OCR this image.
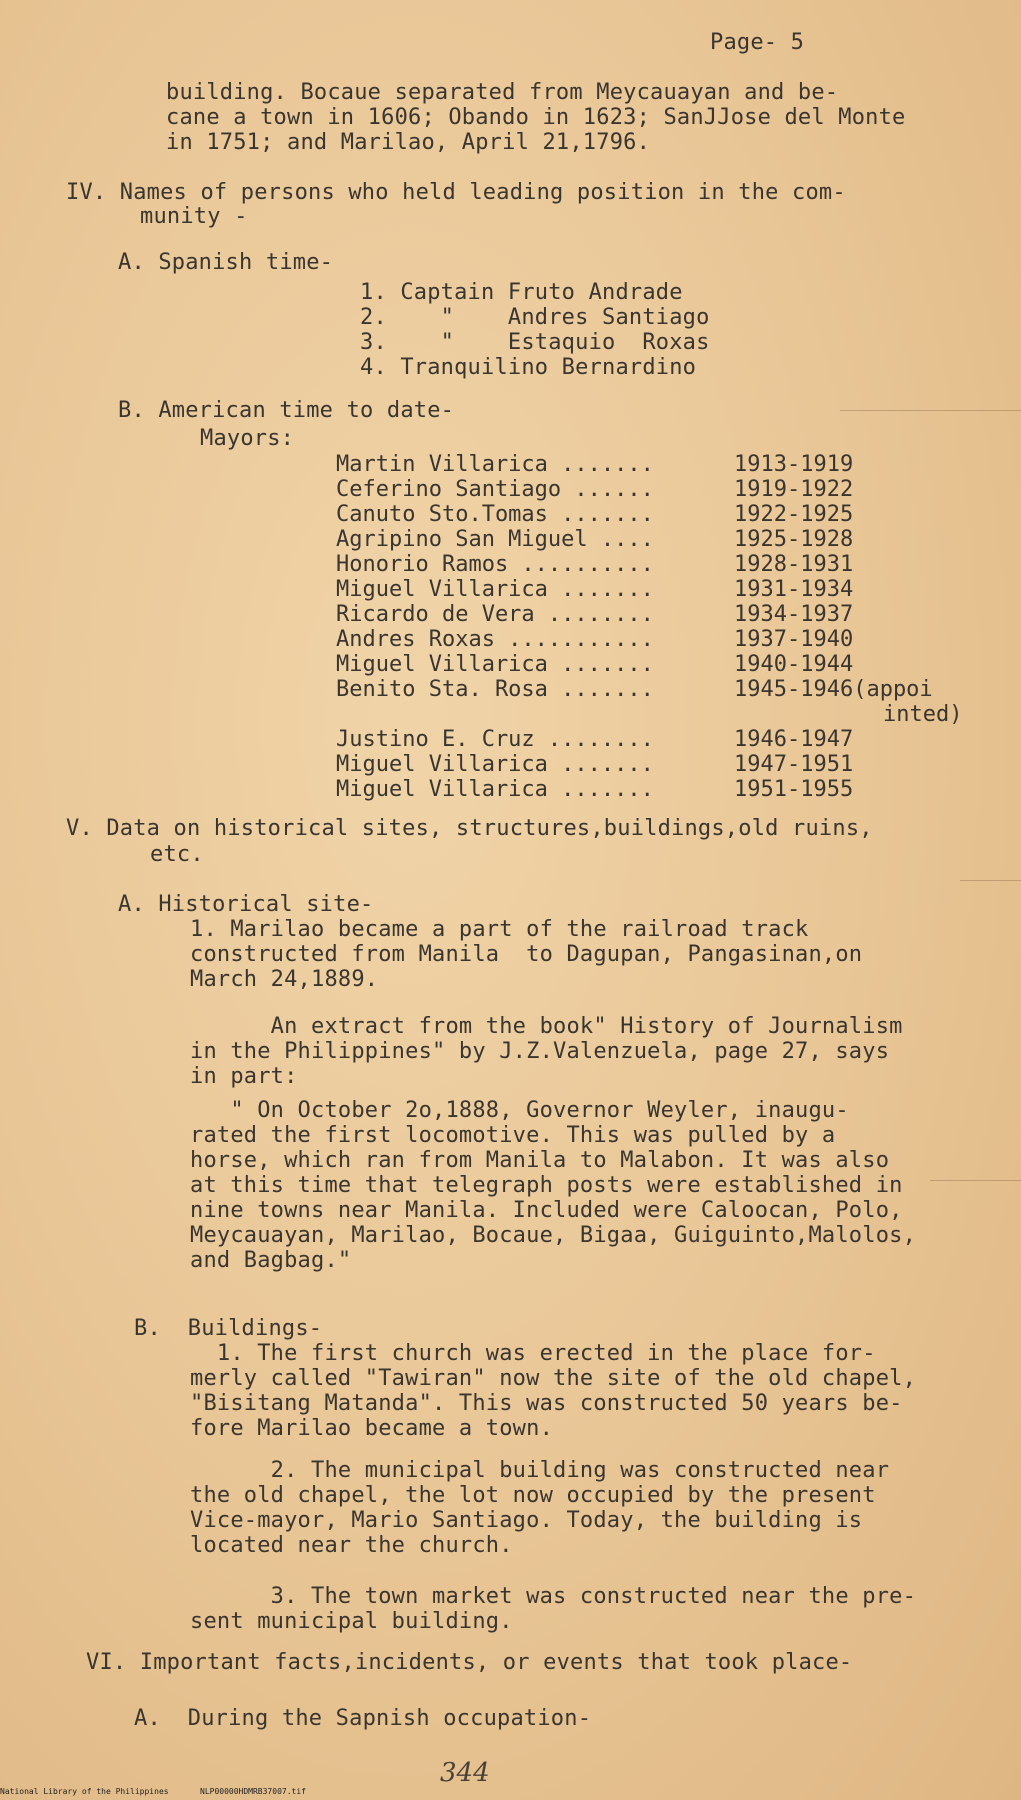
Page- 5
building. Bocaue separated from Meycauayan and be-
cane a town in 1606; Obando in 1623; SanJJose del Monte
in 1751; and Marilao, April 21,1796.
IV. Names of persons who held leading position in the com-
munity -
A. Spanish time-
1. Captain Fruto Andrade
2.    "    Andres Santiago
3.    "    Estaquio  Roxas
4. Tranquilino Bernardino
B. American time to date-
Mayors:
Martin Villarica .......	1913-1919
Ceferino Santiago ......	1919-1922
Canuto Sto.Tomas .......	1922-1925
Agripino San Miguel ....	1925-1928
Honorio Ramos ..........	1928-1931
Miguel Villarica .......	1931-1934
Ricardo de Vera ........	1934-1937
Andres Roxas ...........	1937-1940
Miguel Villarica .......	1940-1944
Benito Sta. Rosa .......	1945-1946(appoi
inted)
Justino E. Cruz ........	1946-1947
Miguel Villarica .......	1947-1951
Miguel Villarica .......	1951-1955
V. Data on historical sites, structures,buildings,old ruins,
etc.
A. Historical site-
1. Marilao became a part of the railroad track
constructed from Manila  to Dagupan, Pangasinan,on
March 24,1889.
An extract from the book" History of Journalism
in the Philippines" by J.Z.Valenzuela, page 27, says
in part:
" On October 2o,1888, Governor Weyler, inaugu-
rated the first locomotive. This was pulled by a
horse, which ran from Manila to Malabon. It was also
at this time that telegraph posts were established in
nine towns near Manila. Included were Caloocan, Polo,
Meycauayan, Marilao, Bocaue, Bigaa, Guiguinto,Malolos,
and Bagbag."
B.  Buildings-
1. The first church was erected in the place for-
merly called "Tawiran" now the site of the old chapel,
"Bisitang Matanda". This was constructed 50 years be-
fore Marilao became a town.
2. The municipal building was constructed near
the old chapel, the lot now occupied by the present
Vice-mayor, Mario Santiago. Today, the building is
located near the church.
3. The town market was constructed near the pre-
sent municipal building.
VI. Important facts,incidents, or events that took place-
A.  During the Sapnish occupation-
344
National Library of the Philippines	NLP00000HDMRB37007.tif
